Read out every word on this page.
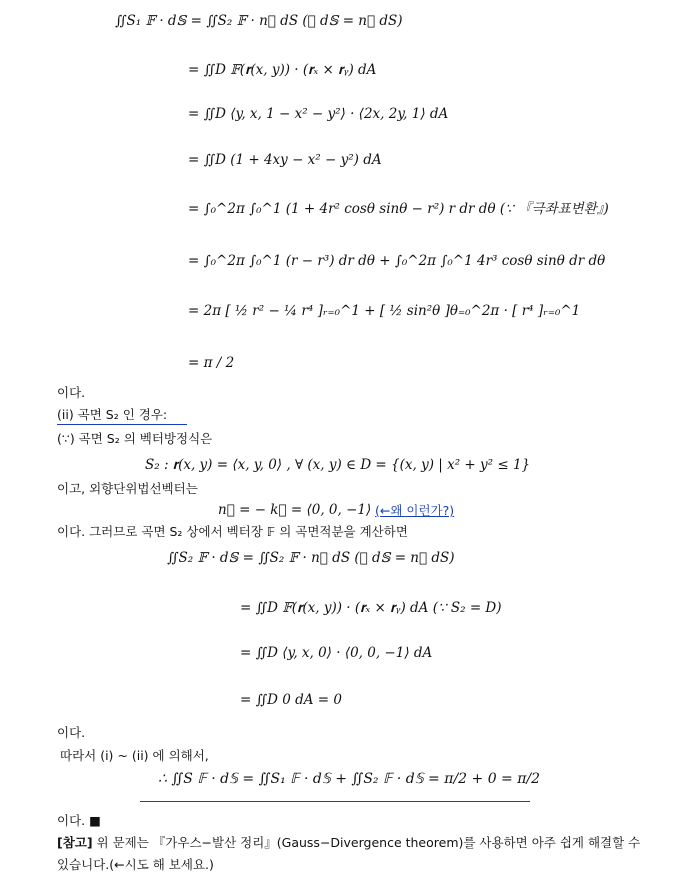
∬S₁ 𝔽 · d𝕊 = ∬S₂ 𝔽 · n⃗ dS (∵ d𝕊 = n⃗ dS)
= ∬D 𝔽(𝐫(x, y)) · (𝐫ₓ × 𝐫ᵧ) dA
= ∬D ⟨y, x, 1 − x² − y²⟩ · ⟨2x, 2y, 1⟩ dA
= ∬D (1 + 4xy − x² − y²) dA
= ∫₀^2π ∫₀^1 (1 + 4r² cosθ sinθ − r²) r dr dθ (∵ 『극좌표변환』)
= ∫₀^2π ∫₀^1 (r − r³) dr dθ + ∫₀^2π ∫₀^1 4r³ cosθ sinθ dr dθ
= 2π [ ½ r² − ¼ r⁴ ]ᵣ₌₀^1 + [ ½ sin²θ ]θ₌₀^2π · [ r⁴ ]ᵣ₌₀^1
= π / 2
이다.
(ii) 곡면 S₂ 인 경우:
(∵) 곡면 S₂ 의 벡터방정식은
S₂ : 𝐫(x, y) = ⟨x, y, 0⟩ , ∀ (x, y) ∈ D = {(x, y) | x² + y² ≤ 1}
이고, 외향단위법선벡터는
n⃗ = − k⃗ = ⟨0, 0, −1⟩ (←왜 이런가?)
이다. 그러므로 곡면 S₂ 상에서 벡터장 𝔽 의 곡면적분을 계산하면
∬S₂ 𝔽 · d𝕊 = ∬S₂ 𝔽 · n⃗ dS (∵ d𝕊 = n⃗ dS)
= ∬D 𝔽(𝐫(x, y)) · (𝐫ₓ × 𝐫ᵧ) dA (∵ S₂ = D)
= ∬D ⟨y, x, 0⟩ · ⟨0, 0, −1⟩ dA
= ∬D 0 dA = 0
이다.
따라서 (i) ~ (ii) 에 의해서,
∴ ∬S 𝔽 · d𝕊 = ∬S₁ 𝔽 · d𝕊 + ∬S₂ 𝔽 · d𝕊 = π/2 + 0 = π/2
이다. ■
[참고] 위 문제는 『가우스−발산 정리』(Gauss−Divergence theorem)를 사용하면 아주 쉽게 해결할 수
있습니다.(←시도 해 보세요.)
